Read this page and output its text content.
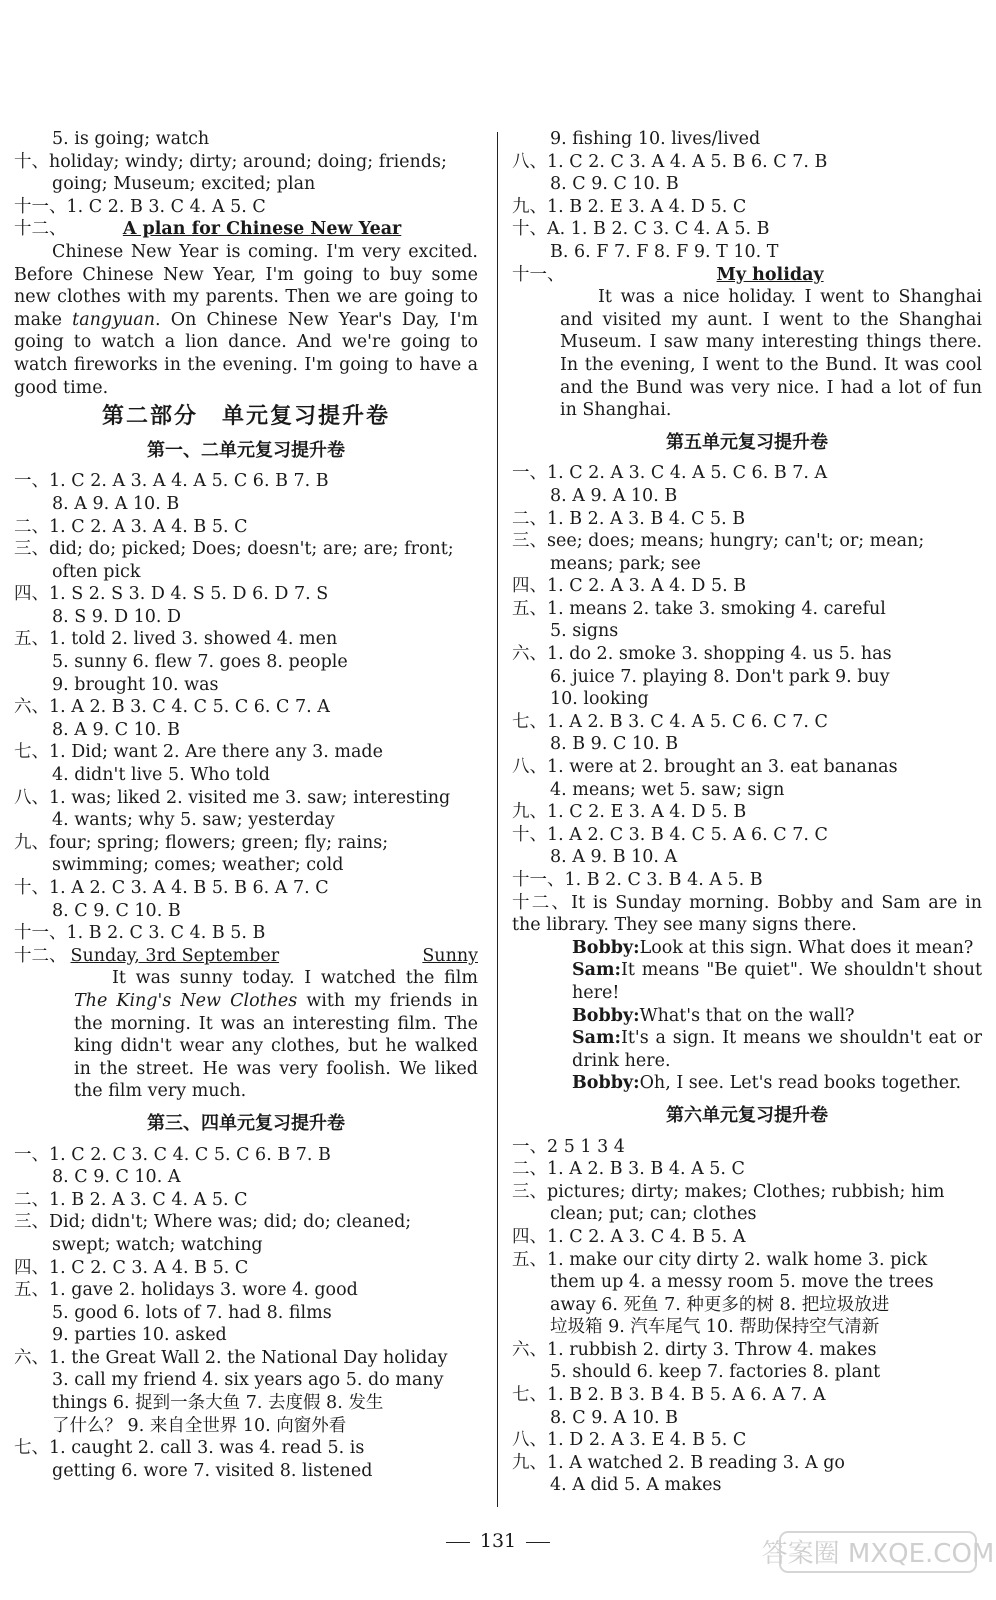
5. is going; watch
十、holiday; windy; dirty; around; doing; friends;
going; Museum; excited; plan
十一、1. C 2. B 3. C 4. A 5. C
十二、	A plan for Chinese New Year
Chinese New Year is coming. I'm very excited. Before Chinese New Year, I'm going to buy some new clothes with my parents. Then we are going to make tangyuan. On Chinese New Year's Day, I'm going to watch a lion dance. And we're going to watch fireworks in the evening. I'm going to have a good time.
第二部分　单元复习提升卷
第一、二单元复习提升卷
一、1. C 2. A 3. A 4. A 5. C 6. B 7. B
8. A 9. A 10. B
二、1. C 2. A 3. A 4. B 5. C
三、did; do; picked; Does; doesn't; are; are; front;
often pick
四、1. S 2. S 3. D 4. S 5. D 6. D 7. S
8. S 9. D 10. D
五、1. told 2. lived 3. showed 4. men
5. sunny 6. flew 7. goes 8. people
9. brought 10. was
六、1. A 2. B 3. C 4. C 5. C 6. C 7. A
8. A 9. C 10. B
七、1. Did; want 2. Are there any 3. made
4. didn't live 5. Who told
八、1. was; liked 2. visited me 3. saw; interesting
4. wants; why 5. saw; yesterday
九、four; spring; flowers; green; fly; rains;
swimming; comes; weather; cold
十、1. A 2. C 3. A 4. B 5. B 6. A 7. C
8. C 9. C 10. B
十一、1. B 2. C 3. C 4. B 5. B
十二、 Sunday, 3rd September	Sunny
It was sunny today. I watched the film The King's New Clothes with my friends in the morning. It was an interesting film. The king didn't wear any clothes, but he walked in the street. He was very foolish. We liked the film very much.
第三、四单元复习提升卷
一、1. C 2. C 3. C 4. C 5. C 6. B 7. B
8. C 9. C 10. A
二、1. B 2. A 3. C 4. A 5. C
三、Did; didn't; Where was; did; do; cleaned;
swept; watch; watching
四、1. C 2. C 3. A 4. B 5. C
五、1. gave 2. holidays 3. wore 4. good
5. good 6. lots of 7. had 8. films
9. parties 10. asked
六、1. the Great Wall 2. the National Day holiday
3. call my friend 4. six years ago 5. do many
things 6. 捉到一条大鱼 7. 去度假 8. 发生
了什么？ 9. 来自全世界 10. 向窗外看
七、1. caught 2. call 3. was 4. read 5. is
getting 6. wore 7. visited 8. listened
9. fishing 10. lives/lived
八、1. C 2. C 3. A 4. A 5. B 6. C 7. B
8. C 9. C 10. B
九、1. B 2. E 3. A 4. D 5. C
十、A. 1. B 2. C 3. C 4. A 5. B
B. 6. F 7. F 8. F 9. T 10. T
十一、	My holiday
It was a nice holiday. I went to Shanghai and visited my aunt. I went to the Shanghai Museum. I saw many interesting things there. In the evening, I went to the Bund. It was cool and the Bund was very nice. I had a lot of fun in Shanghai.
第五单元复习提升卷
一、1. C 2. A 3. C 4. A 5. C 6. B 7. A
8. A 9. A 10. B
二、1. B 2. A 3. B 4. C 5. B
三、see; does; means; hungry; can't; or; mean;
means; park; see
四、1. C 2. A 3. A 4. D 5. B
五、1. means 2. take 3. smoking 4. careful
5. signs
六、1. do 2. smoke 3. shopping 4. us 5. has
6. juice 7. playing 8. Don't park 9. buy
10. looking
七、1. A 2. B 3. C 4. A 5. C 6. C 7. C
8. B 9. C 10. B
八、1. were at 2. brought an 3. eat bananas
4. means; wet 5. saw; sign
九、1. C 2. E 3. A 4. D 5. B
十、1. A 2. C 3. B 4. C 5. A 6. C 7. C
8. A 9. B 10. A
十一、1. B 2. C 3. B 4. A 5. B
十二、It is Sunday morning. Bobby and Sam are in the library. They see many signs there.
Bobby:Look at this sign. What does it mean?
Sam:It means "Be quiet". We shouldn't shout here!
Bobby:What's that on the wall?
Sam:It's a sign. It means we shouldn't eat or drink here.
Bobby:Oh, I see. Let's read books together.
第六单元复习提升卷
一、2 5 1 3 4
二、1. A 2. B 3. B 4. A 5. C
三、pictures; dirty; makes; Clothes; rubbish; him
clean; put; can; clothes
四、1. C 2. A 3. C 4. B 5. A
五、1. make our city dirty 2. walk home 3. pick
them up 4. a messy room 5. move the trees
away 6. 死鱼 7. 种更多的树 8. 把垃圾放进
垃圾箱 9. 汽车尾气 10. 帮助保持空气清新
六、1. rubbish 2. dirty 3. Throw 4. makes
5. should 6. keep 7. factories 8. plant
七、1. B 2. B 3. B 4. B 5. A 6. A 7. A
8. C 9. A 10. B
八、1. D 2. A 3. E 4. B 5. C
九、1. A watched 2. B reading 3. A go
4. A did 5. A makes
131	答案圈 MXQE.COM
